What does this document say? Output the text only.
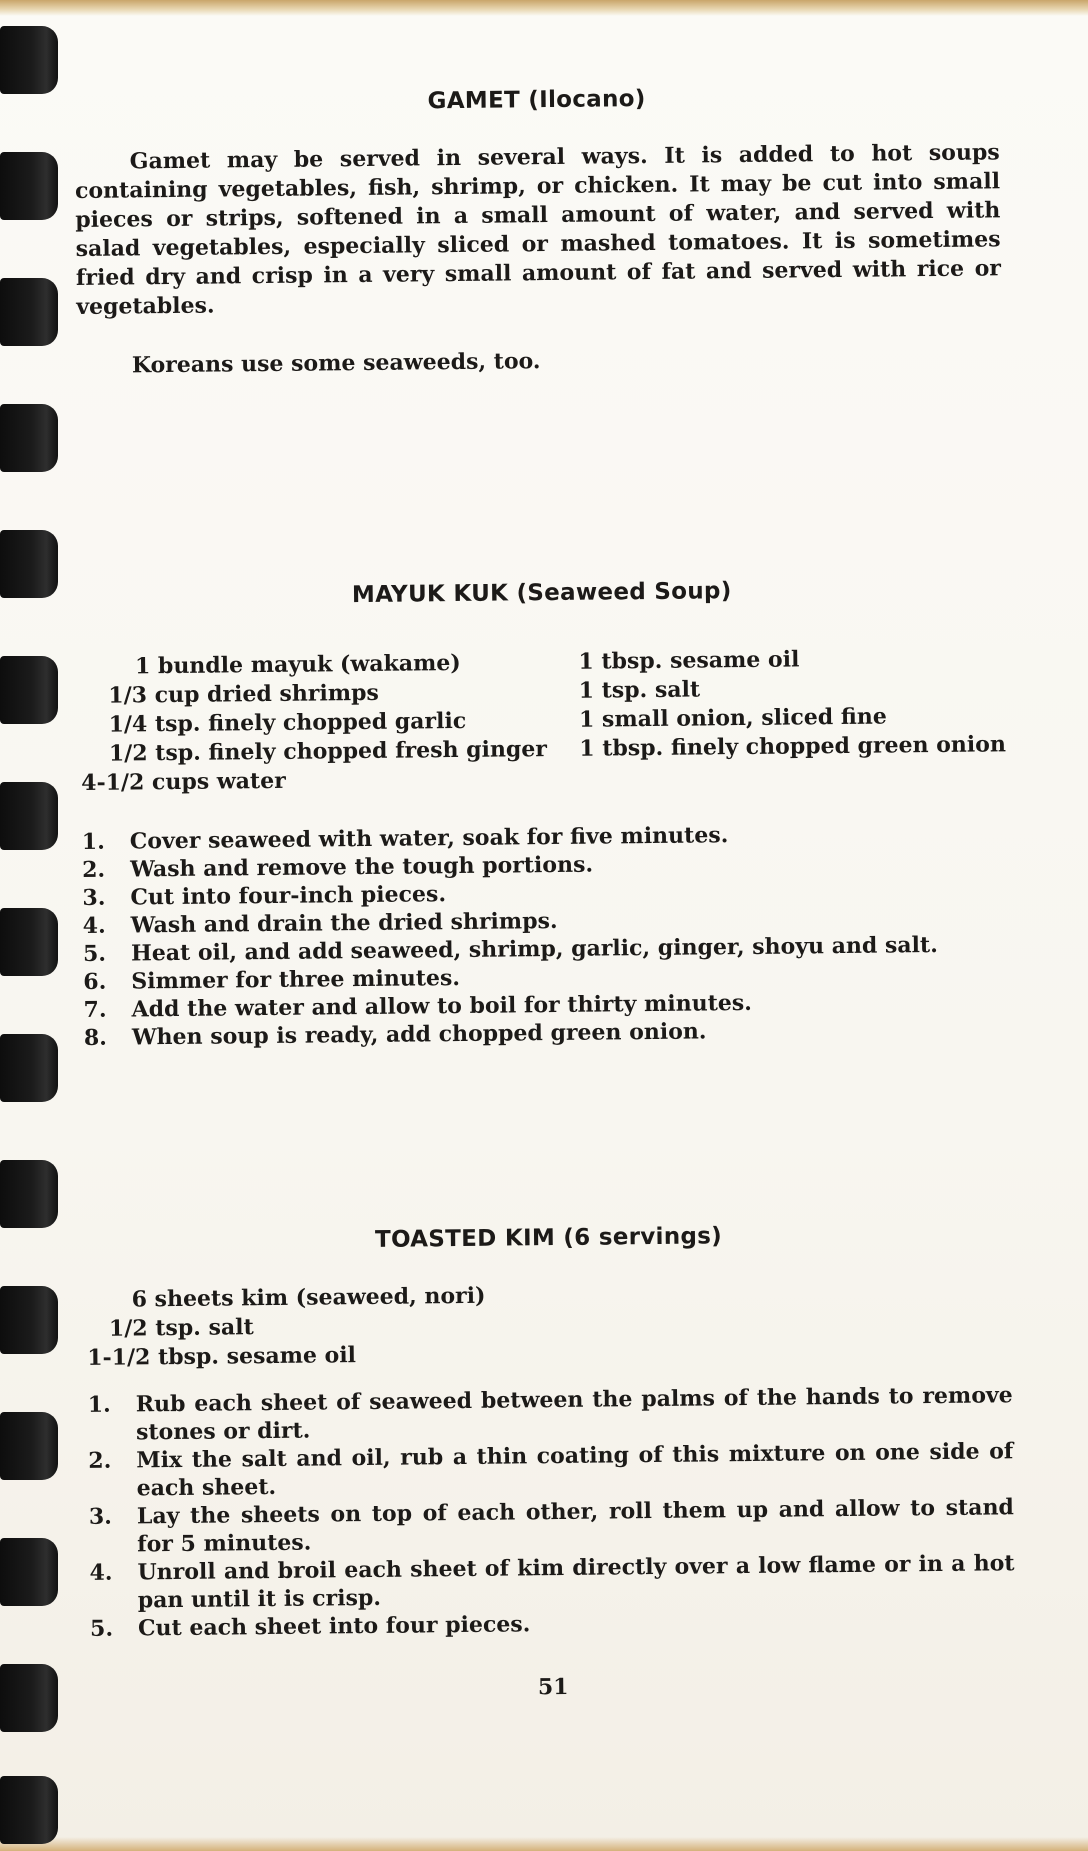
GAMET (Ilocano)

Gamet may be served in several ways. It is added to hot soups containing vegetables, fish, shrimp, or chicken. It may be cut into small pieces or strips, softened in a small amount of water, and served with salad vegetables, especially sliced or mashed tomatoes. It is sometimes fried dry and crisp in a very small amount of fat and served with rice or vegetables.

Koreans use some seaweeds, too.

MAYUK KUK (Seaweed Soup)
1 bundle mayuk (wakame)
1/3 cup dried shrimps
1/4 tsp. finely chopped garlic
1/2 tsp. finely chopped fresh ginger
4-1/2 cups water
1 tbsp. sesame oil
1 tsp. salt
1 small onion, sliced fine
1 tbsp. finely chopped green onion
1.	Cover seaweed with water, soak for five minutes.
2.	Wash and remove the tough portions.
3.	Cut into four-inch pieces.
4.	Wash and drain the dried shrimps.
5.	Heat oil, and add seaweed, shrimp, garlic, ginger, shoyu and salt.
6.	Simmer for three minutes.
7.	Add the water and allow to boil for thirty minutes.
8.	When soup is ready, add chopped green onion.
TOASTED KIM (6 servings)
6 sheets kim (seaweed, nori)
1/2 tsp. salt
1-1/2 tbsp. sesame oil
1.	Rub each sheet of seaweed between the palms of the hands to remove stones or dirt.
2.	Mix the salt and oil, rub a thin coating of this mixture on one side of each sheet.
3.	Lay the sheets on top of each other, roll them up and allow to stand for 5 minutes.
4.	Unroll and broil each sheet of kim directly over a low flame or in a hot pan until it is crisp.
5.	Cut each sheet into four pieces.
51
